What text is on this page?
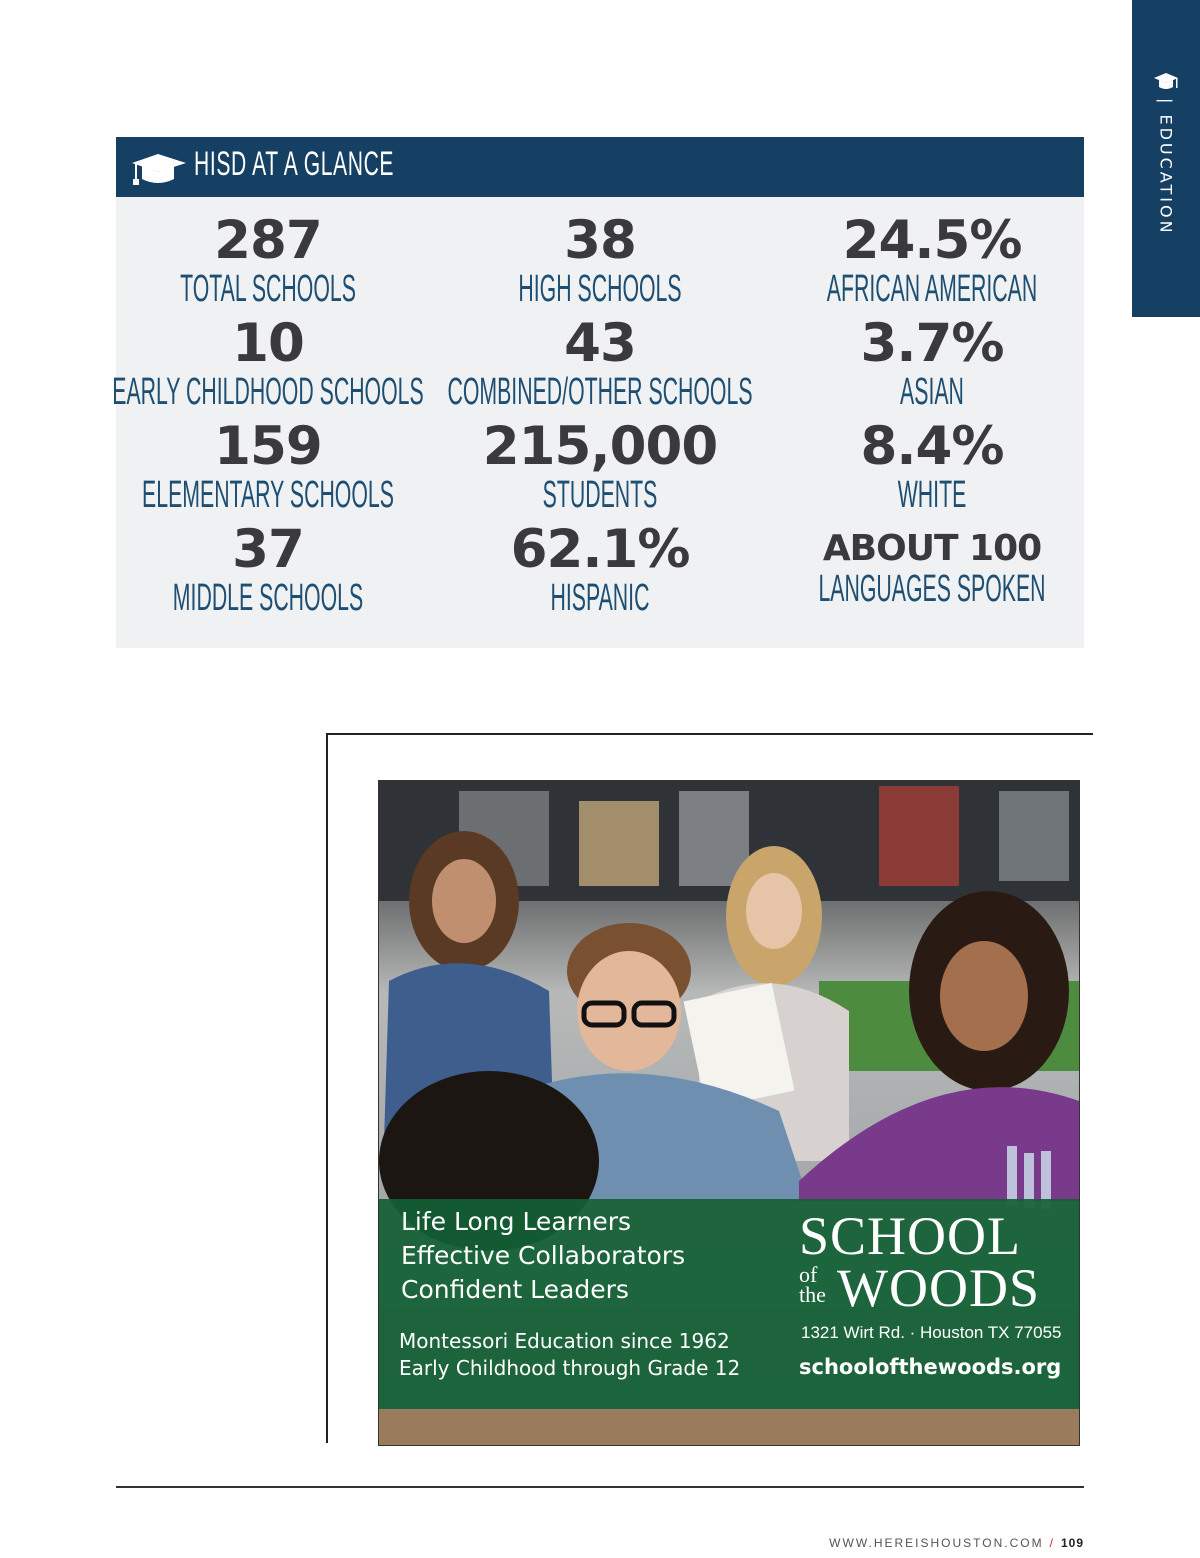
| EDUCATION
HISD AT A GLANCE
287
TOTAL SCHOOLS
10
EARLY CHILDHOOD SCHOOLS
159
ELEMENTARY SCHOOLS
37
MIDDLE SCHOOLS
38
HIGH SCHOOLS
43
COMBINED/OTHER SCHOOLS
215,000
STUDENTS
62.1%
HISPANIC
24.5%
AFRICAN AMERICAN
3.7%
ASIAN
8.4%
WHITE
ABOUT 100
LANGUAGES SPOKEN
Life Long Learners
Effective Collaborators
Confident Leaders
Montessori Education since 1962
Early Childhood through Grade 12
SCHOOL
of
the WOODS
1321 Wirt Rd. · Houston TX 77055
schoolofthewoods.org
WWW.HEREISHOUSTON.COM / 109
